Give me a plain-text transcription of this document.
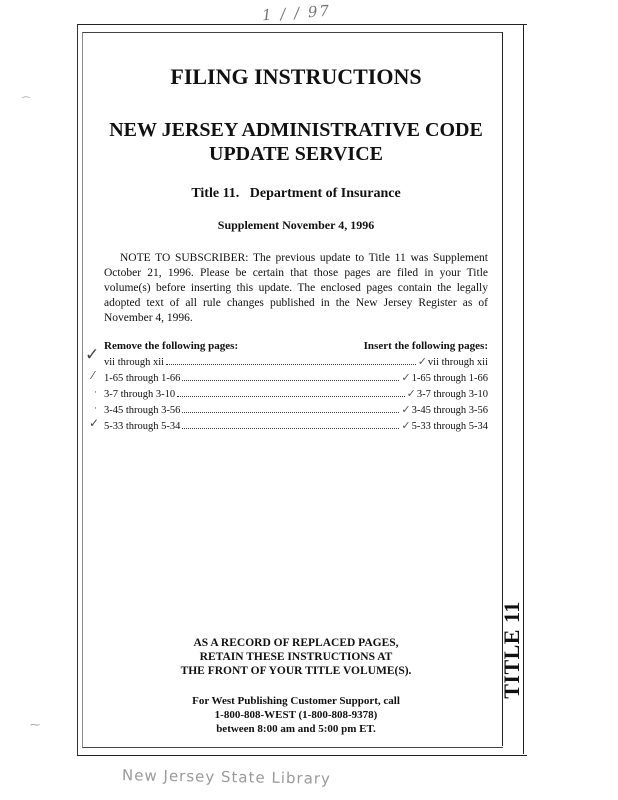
1 / / 97
TITLE 11
⁔
⁓
FILING INSTRUCTIONS
NEW JERSEY ADMINISTRATIVE CODE
UPDATE SERVICE
Title 11.   Department of Insurance
Supplement November 4, 1996

NOTE TO SUBSCRIBER: The previous update to Title 11 was Supplement October 21, 1996. Please be certain that those pages are filed in your Title volume(s) before inserting this update. The enclosed pages contain the legally adopted text of all rule changes published in the New Jersey Register as of November 4, 1996.

Remove the following pages:	Insert the following pages:
✓ vii through xii	✓ vii through xii
⁄ 1-65 through 1-66	✓ 1-65 through 1-66
· 3-7 through 3-10	✓ 3-7 through 3-10
· 3-45 through 3-56	✓ 3-45 through 3-56
✓ 5-33 through 5-34	✓ 5-33 through 5-34
AS A RECORD OF REPLACED PAGES,
RETAIN THESE INSTRUCTIONS AT
THE FRONT OF YOUR TITLE VOLUME(S).
For West Publishing Customer Support, call
1-800-808-WEST (1-800-808-9378)
between 8:00 am and 5:00 pm ET.
New Jersey State Library
